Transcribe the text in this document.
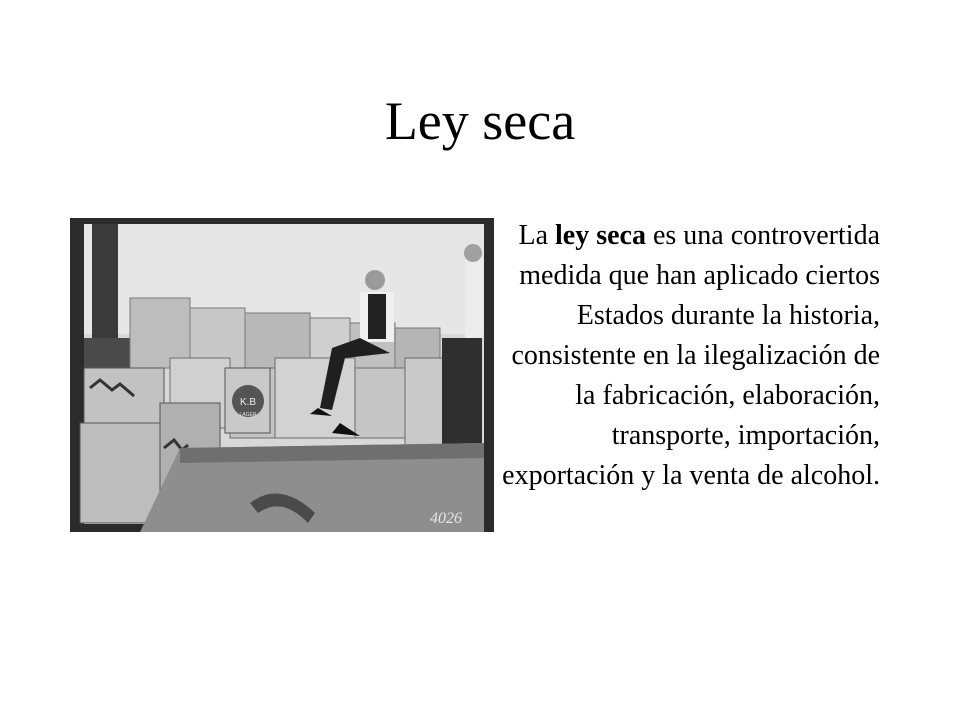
Ley seca
K.B
LAGER
4026
La ley seca es una controvertida medida que han aplicado ciertos Estados durante la historia, consistente en la ilegalización de la fabricación, elaboración, transporte, importación, exportación y la venta de alcohol.
